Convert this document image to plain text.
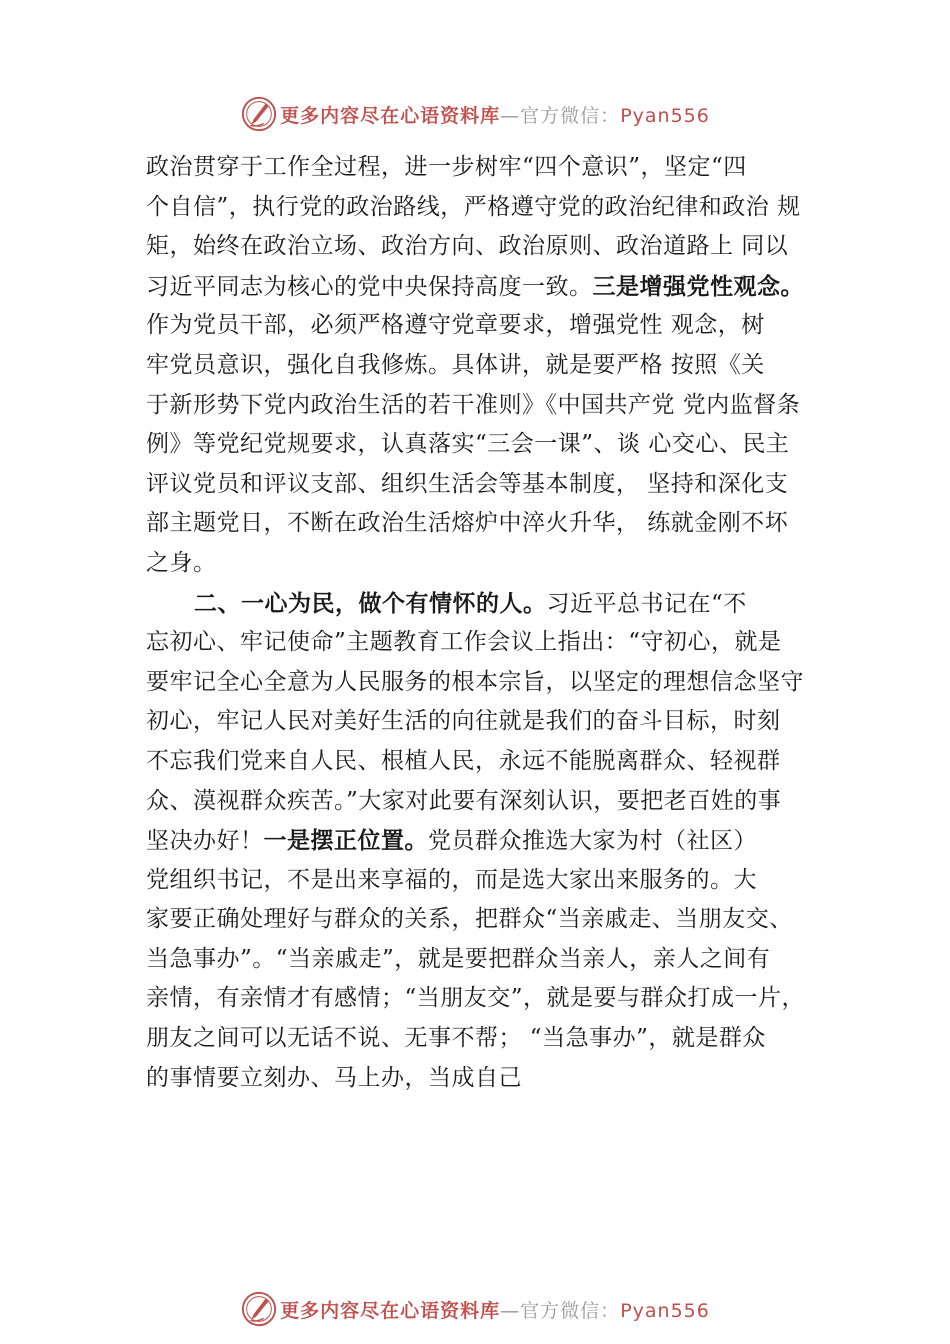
更多内容尽在心语资料库—官方微信：Pyan556
政治贯穿于工作全过程，进一步树牢“四个意识”，坚定“四
个自信”，执行党的政治路线，严格遵守党的政治纪律和政治 规
矩，始终在政治立场、政治方向、政治原则、政治道路上 同以
习近平同志为核心的党中央保持高度一致。三是增强党性观念。
作为党员干部，必须严格遵守党章要求，增强党性 观念，树
牢党员意识，强化自我修炼。具体讲，就是要严格 按照《关
于新形势下党内政治生活的若干准则》《中国共产党 党内监督条
例》等党纪党规要求，认真落实“三会一课”、谈 心交心、民主
评议党员和评议支部、组织生活会等基本制度， 坚持和深化支
部主题党日，不断在政治生活熔炉中淬火升华， 练就金刚不坏
之身。
二、一心为民，做个有情怀的人。习近平总书记在“不
忘初心、牢记使命”主题教育工作会议上指出：“守初心，就是
要牢记全心全意为人民服务的根本宗旨，以坚定的理想信念坚守
初心，牢记人民对美好生活的向往就是我们的奋斗目标，时刻
不忘我们党来自人民、根植人民，永远不能脱离群众、轻视群
众、漠视群众疾苦。”大家对此要有深刻认识，要把老百姓的事
坚决办好！一是摆正位置。党员群众推选大家为村（社区）
党组织书记，不是出来享福的，而是选大家出来服务的。大
家要正确处理好与群众的关系，把群众“当亲戚走、当朋友交、
当急事办”。“当亲戚走”，就是要把群众当亲人，亲人之间有
亲情，有亲情才有感情；“当朋友交”，就是要与群众打成一片，
朋友之间可以无话不说、无事不帮； “当急事办”，就是群众
的事情要立刻办、马上办，当成自己
更多内容尽在心语资料库—官方微信：Pyan556
